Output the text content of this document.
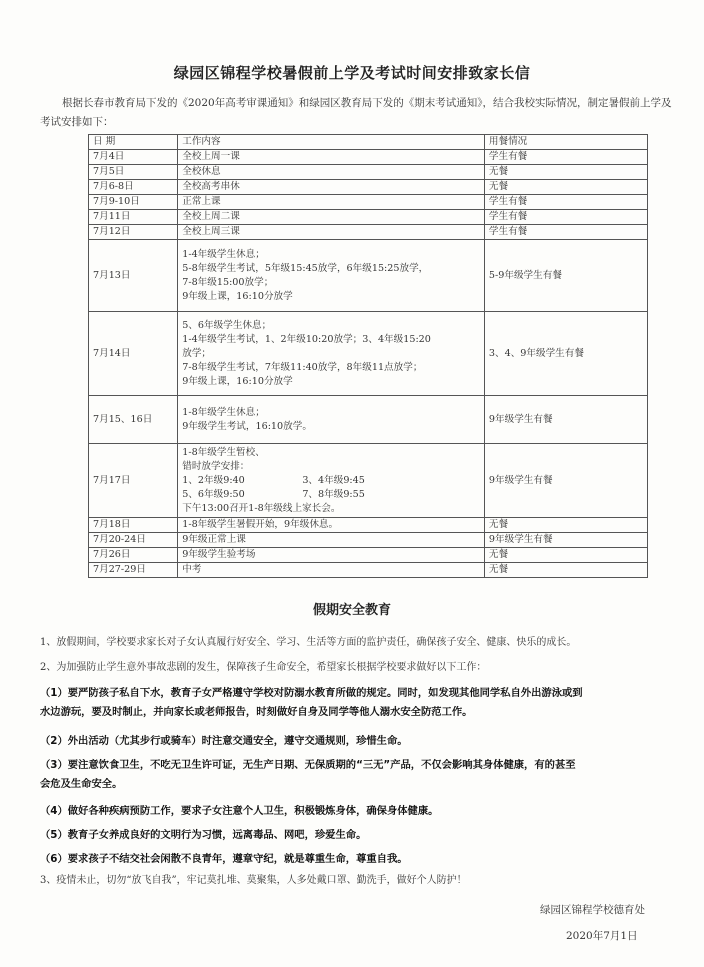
绿园区锦程学校暑假前上学及考试时间安排致家长信
根据长春市教育局下发的《2020年高考审课通知》和绿园区教育局下发的《期末考试通知》，结合我校实际情况，制定暑假前上学及考试安排如下：
日 期	工作内容	用餐情况
7月4日	全校上周一课	学生有餐
7月5日	全校休息	无餐
7月6-8日	全校高考串休	无餐
7月9-10日	正常上课	学生有餐
7月11日	全校上周二课	学生有餐
7月12日	全校上周三课	学生有餐
7月13日	1-4年级学生休息；
5-8年级学生考试，5年级15:45放学，6年级15:25放学，
7-8年级15:00放学；
9年级上课，16:10分放学	5-9年级学生有餐
7月14日	5、6年级学生休息；
1-4年级学生考试，1、2年级10:20放学；3、4年级15:20
放学；
7-8年级学生考试，7年级11:40放学，8年级11点放学；
9年级上课，16:10分放学	3、4、9年级学生有餐
7月15、16日	1-8年级学生休息；
9年级学生考试，16:10放学。	9年级学生有餐
7月17日	1-8年级学生暂校、
错时放学安排：
1、2年级9:40　　　　　　3、4年级9:45
5、6年级9:50　　　　　　7、8年级9:55
下午13:00召开1-8年级线上家长会。	9年级学生有餐
7月18日	1-8年级学生暑假开始，9年级休息。	无餐
7月20-24日	9年级正常上课	9年级学生有餐
7月26日	9年级学生验考场	无餐
7月27-29日	中考	无餐
假期安全教育
1、放假期间，学校要求家长对子女认真履行好安全、学习、生活等方面的监护责任，确保孩子安全、健康、快乐的成长。
2、为加强防止学生意外事故悲剧的发生，保障孩子生命安全，希望家长根据学校要求做好以下工作：
（1）要严防孩子私自下水，教育子女严格遵守学校对防溺水教育所做的规定。同时，如发现其他同学私自外出游泳或到
水边游玩，要及时制止，并向家长或老师报告，时刻做好自身及同学等他人溺水安全防范工作。
（2）外出活动（尤其步行或骑车）时注意交通安全，遵守交通规则，珍惜生命。
（3）要注意饮食卫生，不吃无卫生许可证，无生产日期、无保质期的“三无”产品，不仅会影响其身体健康，有的甚至
会危及生命安全。
（4）做好各种疾病预防工作，要求子女注意个人卫生，积极锻炼身体，确保身体健康。
（5）教育子女养成良好的文明行为习惯，远离毒品、网吧，珍爱生命。
（6）要求孩子不结交社会闲散不良青年，遵章守纪，就是尊重生命，尊重自我。
3、疫情未止，切勿“放飞自我”，牢记莫扎堆、莫聚集，人多处戴口罩、勤洗手，做好个人防护！
绿园区锦程学校德育处
2020年7月1日
